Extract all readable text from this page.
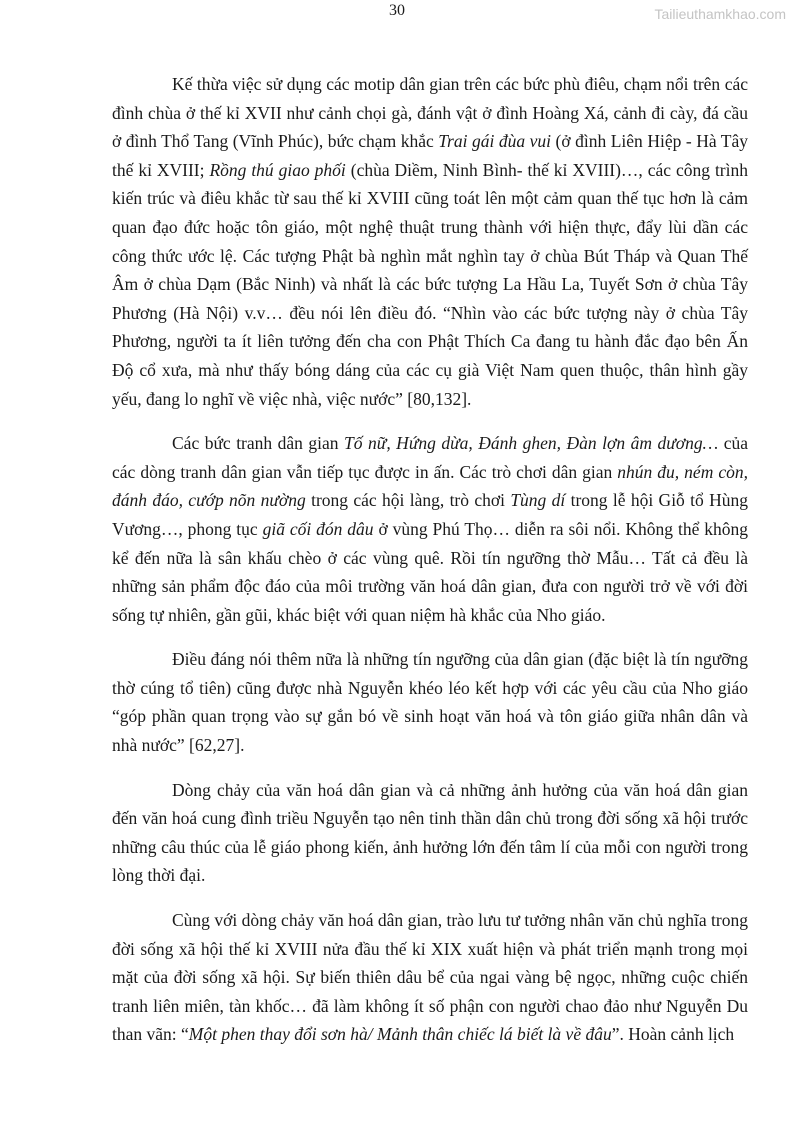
30	Tailieuthamkhao.com

Kế thừa việc sử dụng các motip dân gian trên các bức phù điêu, chạm nổi trên các đình chùa ở thế kỉ XVII như cảnh chọi gà, đánh vật ở đình Hoàng Xá, cảnh đi cày, đá cầu ở đình Thổ Tang (Vĩnh Phúc), bức chạm khắc Trai gái đùa vui (ở đình Liên Hiệp - Hà Tây thế kỉ XVIII; Rồng thú giao phối (chùa Diềm, Ninh Bình- thế kỉ XVIII)…, các công trình kiến trúc và điêu khắc từ sau thế kỉ XVIII cũng toát lên một cảm quan thế tục hơn là cảm quan đạo đức hoặc tôn giáo, một nghệ thuật trung thành với hiện thực, đẩy lùi dần các công thức ước lệ. Các tượng Phật bà nghìn mắt nghìn tay ở chùa Bút Tháp và Quan Thế Âm ở chùa Dạm (Bắc Ninh) và nhất là các bức tượng La Hầu La, Tuyết Sơn ở chùa Tây Phương (Hà Nội) v.v… đều nói lên điều đó. “Nhìn vào các bức tượng này ở chùa Tây Phương, người ta ít liên tưởng đến cha con Phật Thích Ca đang tu hành đắc đạo bên Ấn Độ cổ xưa, mà như thấy bóng dáng của các cụ già Việt Nam quen thuộc, thân hình gầy yếu, đang lo nghĩ về việc nhà, việc nước” [80,132].

Các bức tranh dân gian Tố nữ, Hứng dừa, Đánh ghen, Đàn lợn âm dương… của các dòng tranh dân gian vẫn tiếp tục được in ấn. Các trò chơi dân gian nhún đu, ném còn, đánh đáo, cướp nõn nường trong các hội làng, trò chơi Tùng dí trong lễ hội Giỗ tổ Hùng Vương…, phong tục giã cối đón dâu ở vùng Phú Thọ… diễn ra sôi nổi. Không thể không kể đến nữa là sân khấu chèo ở các vùng quê. Rồi tín ngưỡng thờ Mẫu… Tất cả đều là những sản phẩm độc đáo của môi trường văn hoá dân gian, đưa con người trở về với đời sống tự nhiên, gần gũi, khác biệt với quan niệm hà khắc của Nho giáo.

Điều đáng nói thêm nữa là những tín ngưỡng của dân gian (đặc biệt là tín ngưỡng thờ cúng tổ tiên) cũng được nhà Nguyễn khéo léo kết hợp với các yêu cầu của Nho giáo “góp phần quan trọng vào sự gắn bó về sinh hoạt văn hoá và tôn giáo giữa nhân dân và nhà nước” [62,27].

Dòng chảy của văn hoá dân gian và cả những ảnh hưởng của văn hoá dân gian đến văn hoá cung đình triều Nguyễn tạo nên tinh thần dân chủ trong đời sống xã hội trước những câu thúc của lễ giáo phong kiến, ảnh hưởng lớn đến tâm lí của mỗi con người trong lòng thời đại.

Cùng với dòng chảy văn hoá dân gian, trào lưu tư tưởng nhân văn chủ nghĩa trong đời sống xã hội thế kỉ XVIII nửa đầu thế kỉ XIX xuất hiện và phát triển mạnh trong mọi mặt của đời sống xã hội. Sự biến thiên dâu bể của ngai vàng bệ ngọc, những cuộc chiến tranh liên miên, tàn khốc… đã làm không ít số phận con người chao đảo như Nguyễn Du than vãn: “Một phen thay đổi sơn hà/ Mảnh thân chiếc lá biết là về đâu”. Hoàn cảnh lịch
